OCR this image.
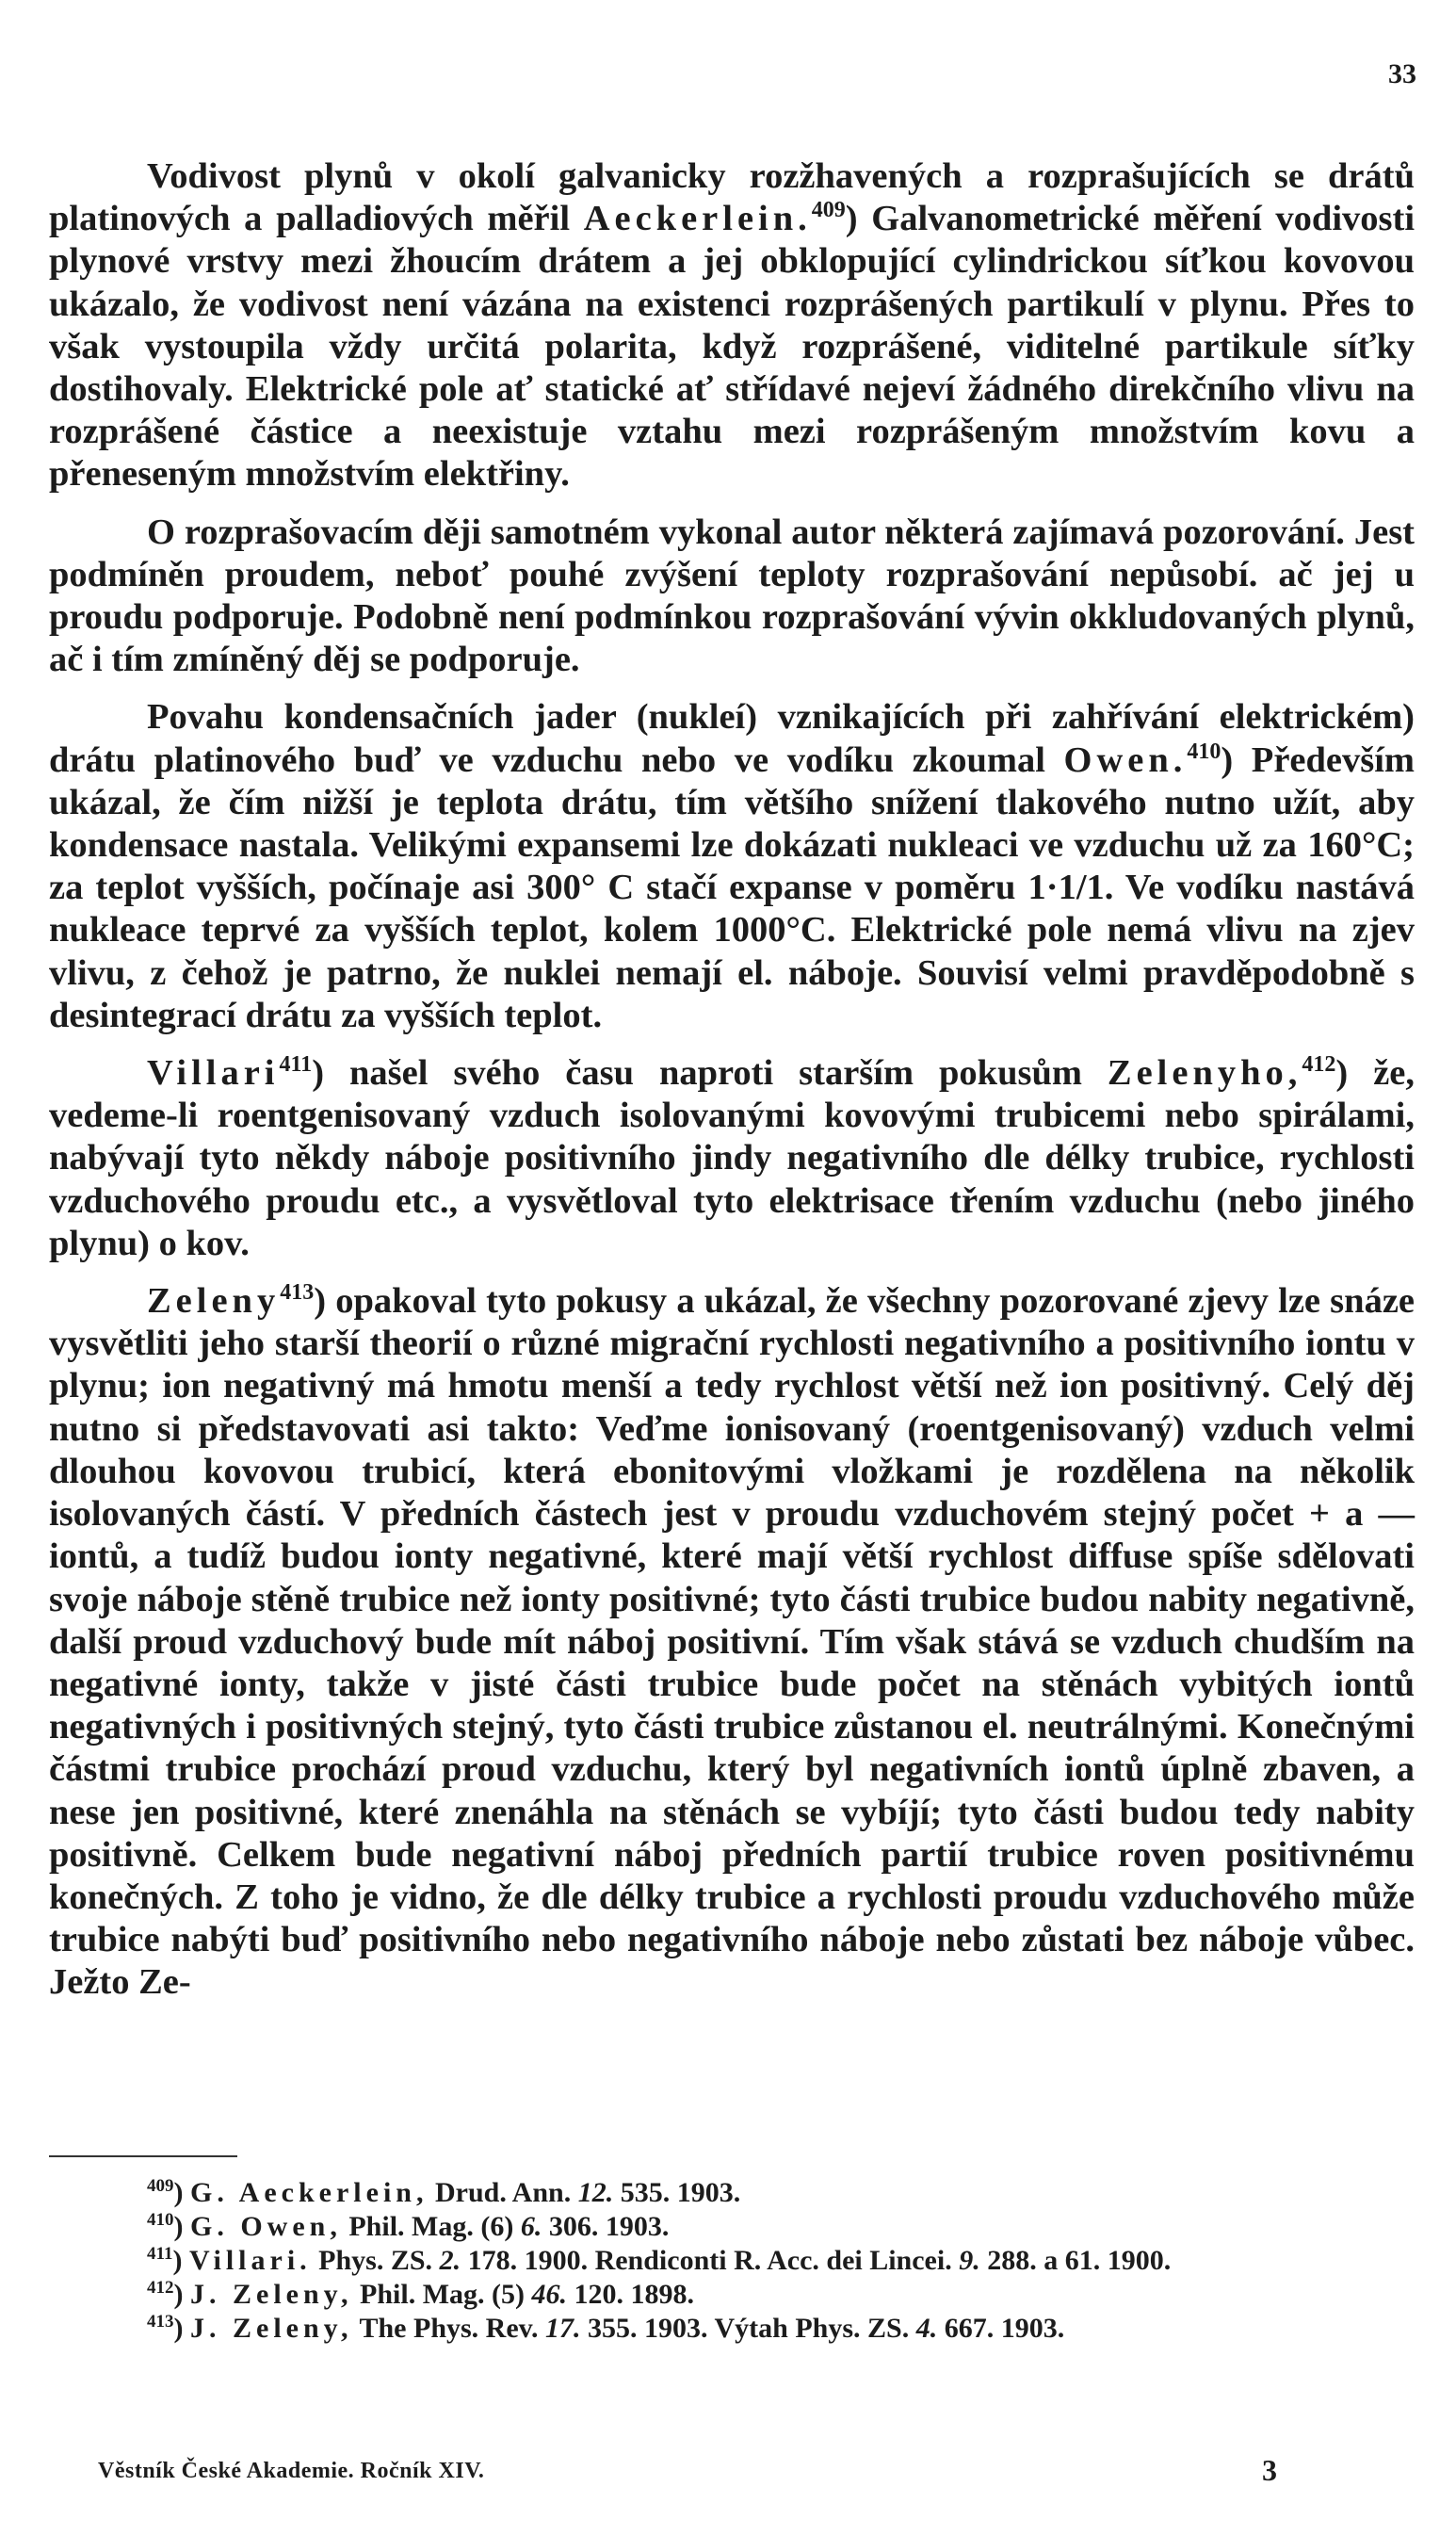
33

Vodivost plynů v okolí galvanicky rozžhavených a rozprašujících se drátů platinových a palladiových měřil Aeckerlein.$^{409}$) Galvanometrické měření vodivosti plynové vrstvy mezi žhoucím drátem a jej obklopující cylindrickou síťkou kovovou ukázalo, že vodivost není vázána na existenci rozprášených partikulí v plynu. Přes to však vystoupila vždy určitá polarita, když rozprášené, viditelné partikule síťky dostihovaly. Elektrické pole ať statické ať střídavé nejeví žádného direkčního vlivu na rozprášené částice a neexistuje vztahu mezi rozprášeným množstvím kovu a přeneseným množstvím elektřiny.

O rozprašovacím ději samotném vykonal autor některá zajímavá pozorování. Jest podmíněn proudem, neboť pouhé zvýšení teploty rozprašování nepůsobí. ač jej u proudu podporuje. Podobně není podmínkou rozprašování vývin okkludovaných plynů, ač i tím zmíněný děj se podporuje.

Povahu kondensačních jader (nukleí) vznikajících při zahřívání elektrickém) drátu platinového buď ve vzduchu nebo ve vodíku zkoumal Owen.$^{410}$) Především ukázal, že čím nižší je teplota drátu, tím většího snížení tlakového nutno užít, aby kondensace nastala. Velikými expansemi lze dokázati nukleaci ve vzduchu už za 160°C; za teplot vyšších, počínaje asi 300° C stačí expanse v poměru 1·1/1. Ve vodíku nastává nukleace teprvé za vyšších teplot, kolem 1000°C. Elektrické pole nemá vlivu na zjev vlivu, z čehož je patrno, že nuklei nemají el. náboje. Souvisí velmi pravděpodobně s desintegrací drátu za vyšších teplot.

Villari$^{411}$) našel svého času naproti starším pokusům Zelenyho,$^{412}$) že, vedeme-li roentgenisovaný vzduch isolovanými kovovými trubicemi nebo spirálami, nabývají tyto někdy náboje positivního jindy negativního dle délky trubice, rychlosti vzduchového proudu etc., a vysvětloval tyto elektrisace třením vzduchu (nebo jiného plynu) o kov.

Zeleny$^{413}$) opakoval tyto pokusy a ukázal, že všechny pozorované zjevy lze snáze vysvětliti jeho starší theorií o různé migrační rychlosti negativního a positivního iontu v plynu; ion negativný má hmotu menší a tedy rychlost větší než ion positivný. Celý děj nutno si představovati asi takto: Veďme ionisovaný (roentgenisovaný) vzduch velmi dlouhou kovovou trubicí, která ebonitovými vložkami je rozdělena na několik isolovaných částí. V předních částech jest v proudu vzduchovém stejný počet + a — iontů, a tudíž budou ionty negativné, které mají větší rychlost diffuse spíše sdělovati svoje náboje stěně trubice než ionty positivné; tyto části trubice budou nabity negativně, další proud vzduchový bude mít náboj positivní. Tím však stává se vzduch chudším na negativné ionty, takže v jisté části trubice bude počet na stěnách vybitých iontů negativných i positivných stejný, tyto části trubice zůstanou el. neutrálnými. Konečnými částmi trubice prochází proud vzduchu, který byl negativních iontů úplně zbaven, a nese jen positivné, které znenáhla na stěnách se vybíjí; tyto části budou tedy nabity positivně. Celkem bude negativní náboj předních partií trubice roven positivnému konečných. Z toho je vidno, že dle délky trubice a rychlosti proudu vzduchového může trubice nabýti buď positivního nebo negativního náboje nebo zůstati bez náboje vůbec. Ježto Ze-

$^{409}$) G. Aeckerlein, Drud. Ann. 12. 535. 1903.
$^{410}$) G. Owen, Phil. Mag. (6) 6. 306. 1903.
$^{411}$) Villari. Phys. ZS. 2. 178. 1900. Rendiconti R. Acc. dei Lincei. 9. 288. a 61. 1900.
$^{412}$) J. Zeleny, Phil. Mag. (5) 46. 120. 1898.
$^{413}$) J. Zeleny, The Phys. Rev. 17. 355. 1903. Výtah Phys. ZS. 4. 667. 1903.
Věstník České Akademie. Ročník XIV.	3
